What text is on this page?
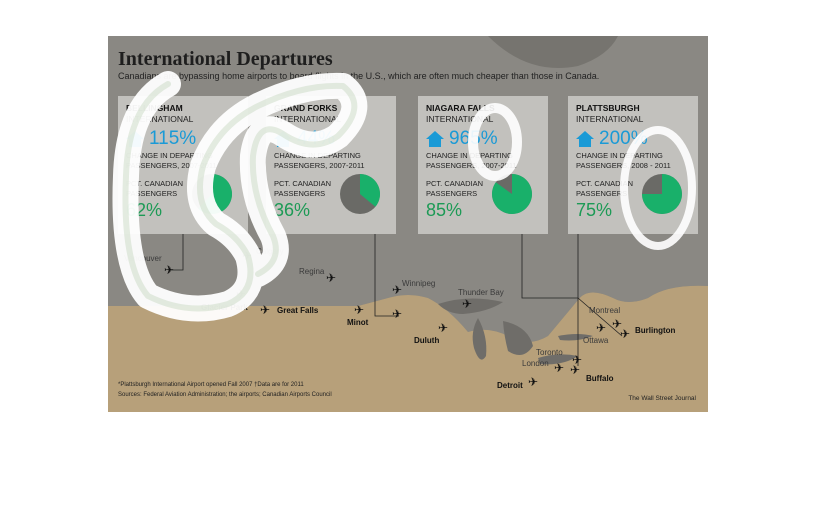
International Departures
Canadians are bypassing home airports to board flights in the U.S., which are often much cheaper than those in Canada.
BELLINGHAM
INTERNATIONAL
115%
CHANGE IN DEPARTING PASSENGERS, 2007-2011
PCT. CANADIAN PASSENGERS
62%
GRAND FORKS
INTERNATIONAL
44%
CHANGE IN DEPARTING PASSENGERS, 2007-2011
PCT. CANADIAN PASSENGERS
36%
NIAGARA FALLS
INTERNATIONAL
965%
CHANGE IN DEPARTING PASSENGERS, 2007-2011
PCT. CANADIAN PASSENGERS
85%
PLATTSBURGH
INTERNATIONAL
200%
CHANGE IN DEPARTING PASSENGERS, 2008 - 2011
PCT. CANADIAN PASSENGERS
75%
Vancouver
Calgary
Regina
Winnipeg
Thunder Bay
Toronto
London
Montreal
Ottawa
Glacier Park	Great Falls
Minot
Duluth
Detroit
Buffalo
Burlington
✈
✈
✈
✈
✈
✈ ✈
✈
✈
✈
✈
✈ ✈
✈
✈ ✈
✈
*Plattsburgh International Airport opened Fall 2007 †Data are for 2011
Sources: Federal Aviation Administration; the airports; Canadian Airports Council	The Wall Street Journal
